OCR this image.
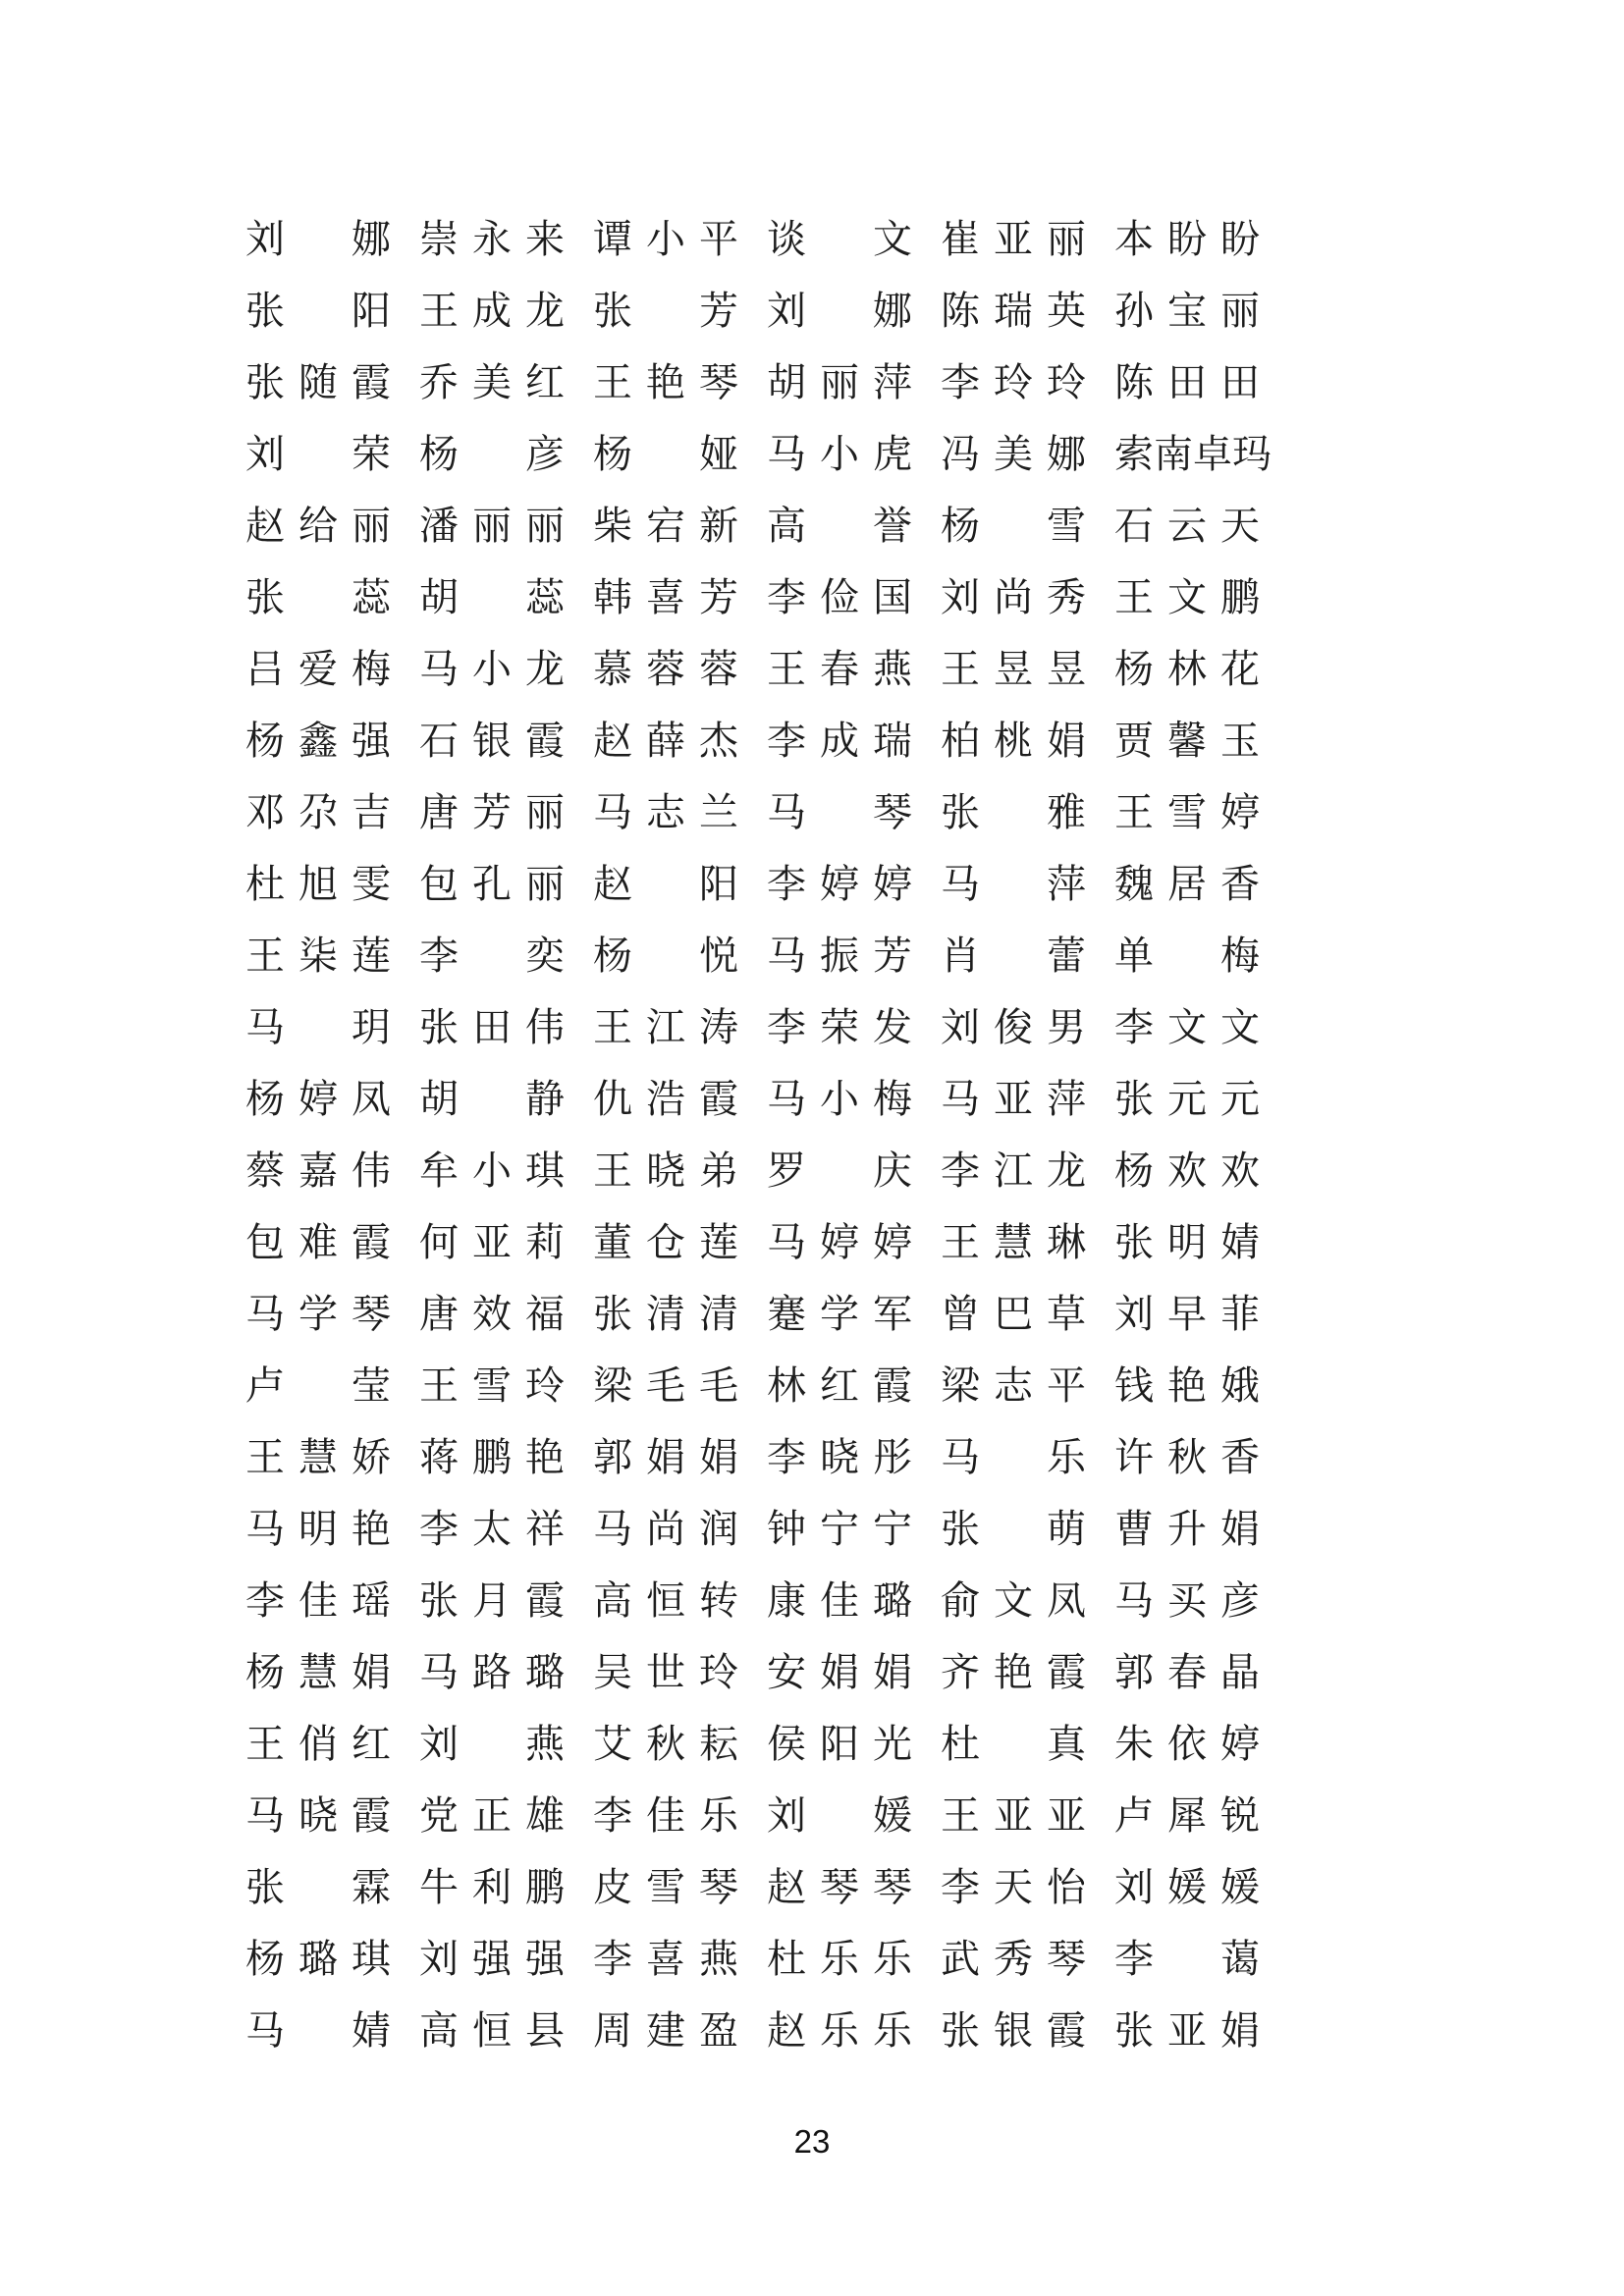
刘娜 崇永来 谭小平 谈文 崔亚丽 本盼盼
张阳 王成龙 张芳 刘娜 陈瑞英 孙宝丽
张随霞 乔美红 王艳琴 胡丽萍 李玲玲 陈田田
刘荣 杨彦 杨娅 马小虎 冯美娜 索南卓玛
赵给丽 潘丽丽 柴宕新 高誉 杨雪 石云天
张蕊 胡蕊 韩喜芳 李俭国 刘尚秀 王文鹏
吕爱梅 马小龙 慕蓉蓉 王春燕 王昱昱 杨林花
杨鑫强 石银霞 赵薛杰 李成瑞 柏桃娟 贾馨玉
邓尕吉 唐芳丽 马志兰 马琴 张雅 王雪婷
杜旭雯 包孔丽 赵阳 李婷婷 马萍 魏居香
王柒莲 李奕 杨悦 马振芳 肖蕾 单梅
马玥 张田伟 王江涛 李荣发 刘俊男 李文文
杨婷凤 胡静 仇浩霞 马小梅 马亚萍 张元元
蔡嘉伟 牟小琪 王晓弟 罗庆 李江龙 杨欢欢
包难霞 何亚莉 董仓莲 马婷婷 王慧琳 张明婧
马学琴 唐效福 张清清 蹇学军 曾巴草 刘早菲
卢莹 王雪玲 梁毛毛 林红霞 梁志平 钱艳娥
王慧娇 蒋鹏艳 郭娟娟 李晓彤 马乐 许秋香
马明艳 李太祥 马尚润 钟宁宁 张萌 曹升娟
李佳瑶 张月霞 高恒转 康佳璐 俞文凤 马买彦
杨慧娟 马路璐 吴世玲 安娟娟 齐艳霞 郭春晶
王俏红 刘燕 艾秋耘 侯阳光 杜真 朱依婷
马晓霞 党正雄 李佳乐 刘媛 王亚亚 卢犀锐
张霖 牛利鹏 皮雪琴 赵琴琴 李天怡 刘媛媛
杨璐琪 刘强强 李喜燕 杜乐乐 武秀琴 李蔼
马婧 高恒县 周建盈 赵乐乐 张银霞 张亚娟
23
